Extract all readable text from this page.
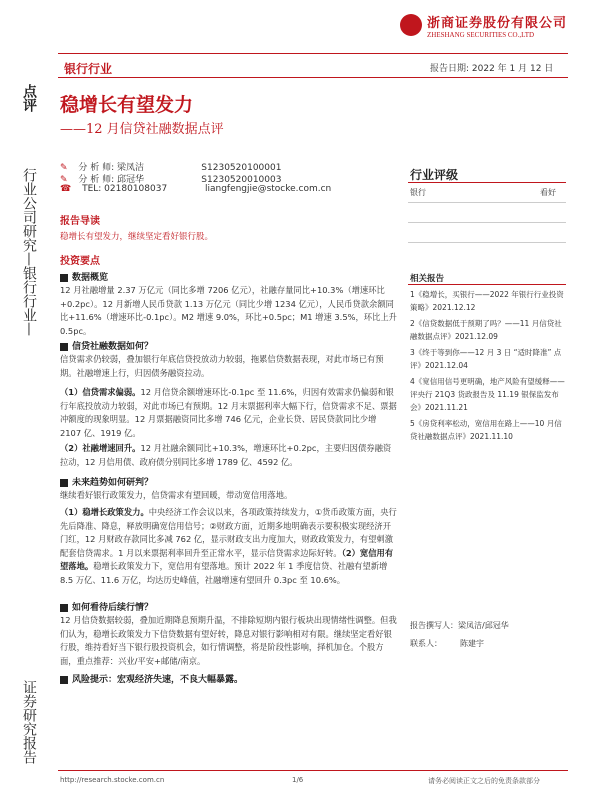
浙商证券股份有限公司
ZHESHANG SECURITIES CO.,LTD
银行行业	报告日期: 2022 年 1 月 12 日
点评
行业公司研究—银行行业—
证券研究报告
稳增长有望发力
——12 月信贷社融数据点评
✎ 分 析 师: 梁凤洁	S1230520100001
✎ 分 析 师: 邱冠华	S1230520010003
☎ TEL: 02180108037	liangfengjie@stocke.com.cn
报告导读
稳增长有望发力，继续坚定看好银行股。
投资要点
数据概览
12 月社融增量 2.37 万亿元（同比多增 7206 亿元），社融存量同比+10.3%（增速环比+0.2pc）。12 月新增人民币贷款 1.13 万亿元（同比少增 1234 亿元），人民币贷款余额同比+11.6%（增速环比-0.1pc）。M2 增速 9.0%，环比+0.5pc；M1 增速 3.5%，环比上升 0.5pc。
信贷社融数据如何？
信贷需求仍较弱，叠加银行年底信贷投放动力较弱，拖累信贷数据表现，对此市场已有预期。社融增速上行，归因债务融资拉动。
（1）信贷需求偏弱。12 月信贷余额增速环比-0.1pc 至 11.6%，归因有效需求仍偏弱和银行年底投放动力较弱，对此市场已有预期。12 月末票据利率大幅下行，信贷需求不足、票据冲额度的现象明显。12 月票据融资同比多增 746 亿元，企业长贷、居民贷款同比少增 2107 亿、1919 亿。
（2）社融增速回升。12 月社融余额同比+10.3%，增速环比+0.2pc，主要归因债券融资拉动，12 月信用债、政府债分别同比多增 1789 亿、4592 亿。
未来趋势如何研判？
继续看好银行政策发力，信贷需求有望回暖，带动宽信用落地。
（1）稳增长政策发力。中央经济工作会议以来，各项政策持续发力，①货币政策方面，央行先后降准、降息，释放明确宽信用信号；②财政方面，近期多地明确表示要积极实现经济开门红，12 月财政存款同比多减 762 亿，显示财政支出力度加大，财政政策发力，有望刺激配套信贷需求。1 月以来票据利率回升至正常水平，显示信贷需求边际好转。（2）宽信用有望落地。稳增长政策发力下，宽信用有望落地。预计 2022 年 1 季度信贷、社融有望新增 8.5 万亿、11.6 万亿，均达历史峰值，社融增速有望回升 0.3pc 至 10.6%。
如何看待后续行情？
12 月信贷数据较弱，叠加近期降息预期升温，不排除短期内银行板块出现情绪性调整。但我们认为，稳增长政策发力下信贷数据有望好转，降息对银行影响相对有限。继续坚定看好银行股，维持看好当下银行股投资机会，如行情调整，将是阶段性影响，择机加仓。个股方面，重点推荐：兴业/平安+邮储/南京。
风险提示：宏观经济失速，不良大幅暴露。
行业评级
银行	看好
相关报告

1《稳增长，买银行——2022 年银行行业投资策略》2021.12.12

2《信贷数据低于预期了吗？——11 月信贷社融数据点评》2021.12.09

3《终于等到你——12 月 3 日 “适时降准” 点评》2021.12.04

4《宽信用信号更明确，地产风险有望缓释——评央行 21Q3 货政报告及 11.19 银保监发布会》2021.11.21

5《房贷利率松动，宽信用在路上——10 月信贷社融数据点评》2021.11.10

报告撰写人：梁凤洁/邱冠华
联系人： 陈建宇
http://research.stocke.com.cn	1/6	请务必阅读正文之后的免责条款部分
